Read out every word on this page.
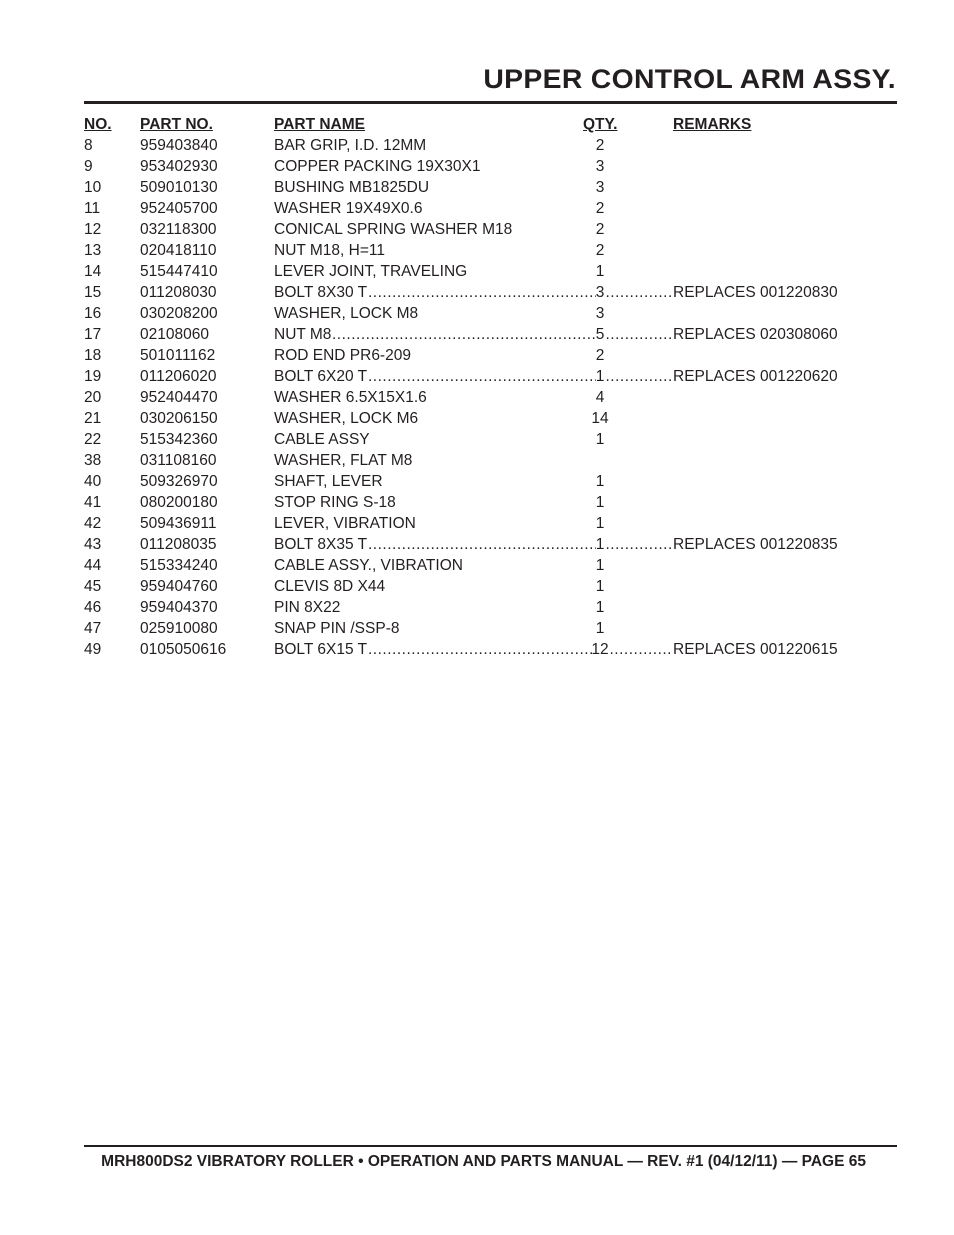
UPPER CONTROL ARM ASSY.
NO. PART NO.	PART NAME	QTY.	REMARKS
8	959403840	BAR GRIP, I.D. 12MM	2
9	953402930	COPPER PACKING 19X30X1	3
10	509010130	BUSHING MB1825DU	3
11	952405700	WASHER 19X49X0.6	2
12	032118300	CONICAL SPRING WASHER M18	2
13	020418110	NUT M18, H=11	2
14	515447410	LEVER JOINT, TRAVELING	1
15	011208030	BOLT 8X30 T	3	REPLACES 001220830
.....
.....
16	030208200	WASHER, LOCK M8	3
17	02108060	NUT M8	5	REPLACES 020308060
.....
.....
18	501011162	ROD END PR6-209	2
19	011206020	BOLT 6X20 T	1	REPLACES 001220620
.....
.....
20	952404470	WASHER 6.5X15X1.6	4
21	030206150	WASHER, LOCK M6	14
22	515342360	CABLE ASSY	1
38	031108160	WASHER, FLAT M8
40	509326970	SHAFT, LEVER	1
41	080200180	STOP RING S-18	1
42	509436911	LEVER, VIBRATION	1
43	011208035	BOLT 8X35 T	1	REPLACES 001220835
.....
.....
44	515334240	CABLE ASSY., VIBRATION	1
45	959404760	CLEVIS 8D X44	1
46	959404370	PIN 8X22	1
47	025910080	SNAP PIN /SSP-8	1
49	0105050616	BOLT 6X15 T	12	REPLACES 001220615
.....
.....
MRH800DS2 VIBRATORY ROLLER • OPERATION AND PARTS MANUAL — REV. #1 (04/12/11) — PAGE 65
